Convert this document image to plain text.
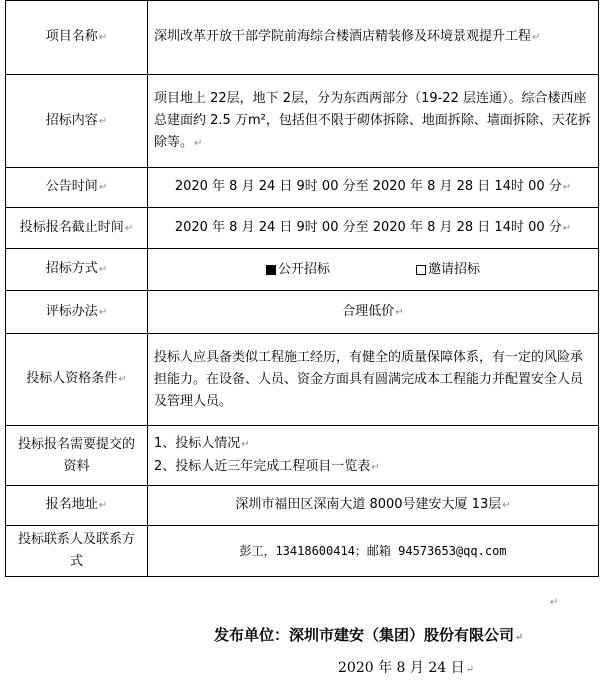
项目名称↵	深圳改革开放干部学院前海综合楼酒店精装修及环境景观提升工程↵
招标内容↵	项目地上 22层，地下 2层，分为东西两部分（19-22 层连通）。综合楼西座总建面约 2.5 万m²，包括但不限于砌体拆除、地面拆除、墙面拆除、天花拆除等。↵
公告时间↵	2020 年 8 月 24 日 9时 00 分至 2020 年 8 月 28 日 14时 00 分↵
投标报名截止时间↵	2020 年 8 月 24 日 9时 00 分至 2020 年 8 月 28 日 14时 00 分↵
招标方式↵	公开招标 邀请招标

评标办法↵	合理低价↵
投标人资格条件↵	投标人应具备类似工程施工经历，有健全的质量保障体系，有一定的风险承担能力。在设备、人员、资金方面具有圆满完成本工程能力并配置安全人员及管理人员。
投标报名需要提交的资料	1、投标人情况↵
2、投标人近三年完成工程项目一览表↵

报名地址↵	深圳市福田区深南大道 8000号建安大厦 13层↵
投标联系人及联系方式	彭工，13418600414；邮箱 94573653@qq.com
↵
发布单位：深圳市建安（集团）股份有限公司↵
2020 年 8 月 24 日↵
